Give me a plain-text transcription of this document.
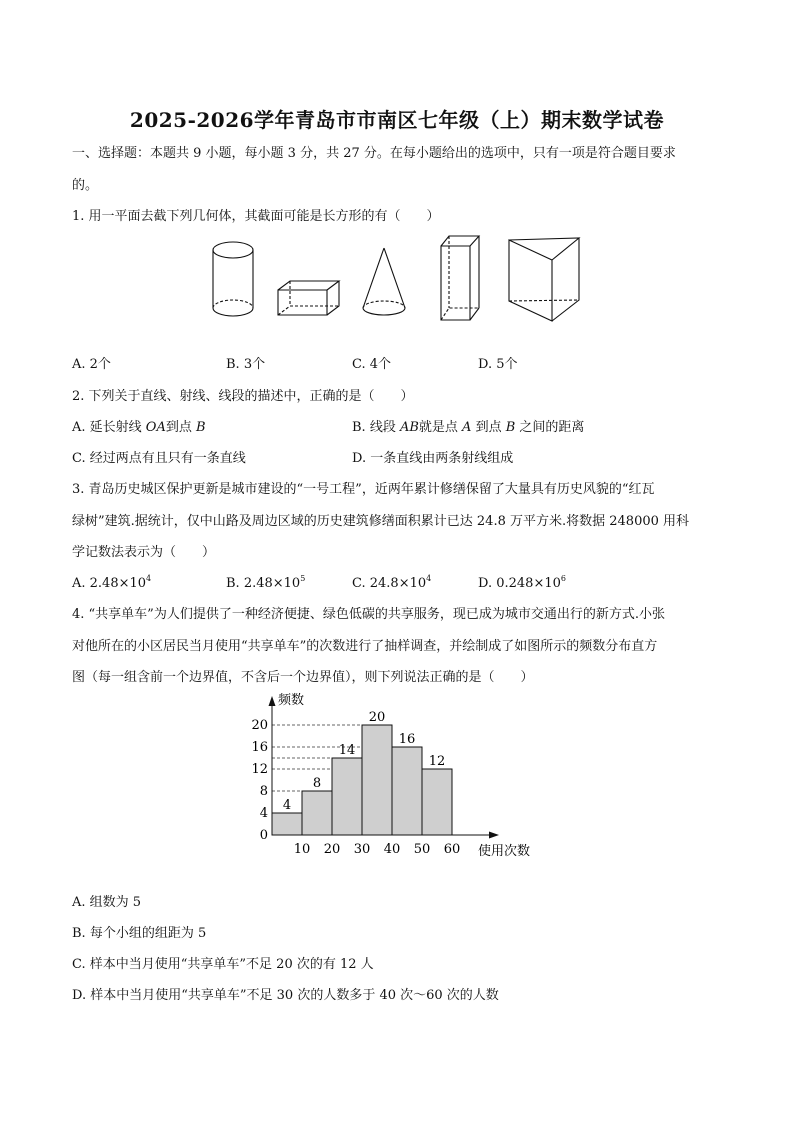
2025-2026学年青岛市市南区七年级（上）期末数学试卷
一、选择题：本题共 9 小题，每小题 3 分，共 27 分。在每小题给出的选项中，只有一项是符合题目要求
的。
1. 用一平面去截下列几何体，其截面可能是长方形的有（　　）
A. 2个	B. 3个	C. 4个	D. 5个
2. 下列关于直线、射线、线段的描述中，正确的是（　　）
A. 延长射线 OA到点 B	B. 线段 AB就是点 A 到点 B 之间的距离
C. 经过两点有且只有一条直线	D. 一条直线由两条射线组成
3. 青岛历史城区保护更新是城市建设的“一号工程”，近两年累计修缮保留了大量具有历史风貌的“红瓦
绿树”建筑.据统计，仅中山路及周边区域的历史建筑修缮面积累计已达 24.8 万平方米.将数据 248000 用科
学记数法表示为（　　）
A. $2.48\times 10^4$	B. $2.48\times 10^5$	C. $24.8\times 10^4$	D. $0.248\times 10^6$
4. “共享单车”为人们提供了一种经济便捷、绿色低碳的共享服务，现已成为城市交通出行的新方式.小张
对他所在的小区居民当月使用“共享单车”的次数进行了抽样调查，并绘制成了如图所示的频数分布直方
图（每一组含前一个边界值，不含后一个边界值），则下列说法正确的是（　　）
4
8
14
20
16
12
0
4
8
12
16
20
10 20 30 40 50 60
频数
使用次数
A. 组数为 5
B. 每个小组的组距为 5
C. 样本中当月使用“共享单车”不足 20 次的有 12 人
D. 样本中当月使用“共享单车”不足 30 次的人数多于 40 次～60 次的人数
